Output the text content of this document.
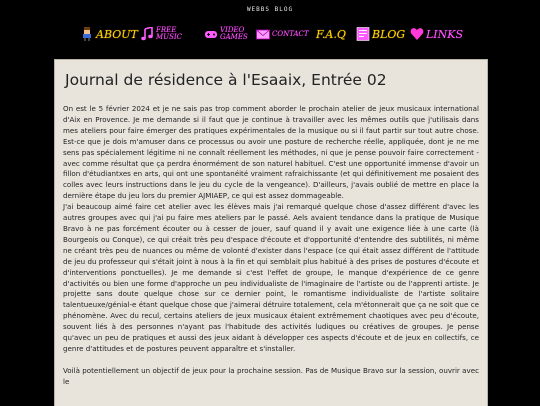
WEBBS BLOG
ABOUT	FREE MUSIC
VIDEO GAMES	CONTACT F.A.Q BLOG LINKS
Journal de résidence à l'Esaaix, Entrée 02

On est le 5 février 2024 et je ne sais pas trop comment aborder le prochain atelier de jeux musicaux international d'Aix en Provence. Je me demande si il faut que je continue à travailler avec les mêmes outils que j'utilisais dans mes ateliers pour faire émerger des pratiques expérimentales de la musique ou si il faut partir sur tout autre chose. Est-ce que je dois m'amuser dans ce processus ou avoir une posture de recherche réelle, appliquée, dont je ne me sens pas spécialement légitime ni ne connaît réellement les méthodes, ni que je pense pouvoir faire correctement - avec comme résultat que ça perdra énormément de son naturel habituel. C'est une opportunité immense d'avoir un fillon d'étudiantxes en arts, qui ont une spontanéité vraiment rafraichissante (et qui définitivement me posaient des colles avec leurs instructions dans le jeu du cycle de la vengeance). D'ailleurs, j'avais oublié de mettre en place la dernière étape du jeu lors du premier AJMIAEP, ce qui est assez dommageable.

J'ai beaucoup aimé faire cet atelier avec les élèves mais j'ai remarqué quelque chose d'assez différent d'avec les autres groupes avec qui j'ai pu faire mes ateliers par le passé. Aels avaient tendance dans la pratique de Musique Bravo à ne pas forcément écouter ou à cesser de jouer, sauf quand il y avait une exigence liée à une carte (là Bourgeois ou Conque), ce qui créait très peu d'espace d'écoute et d'opportunité d'entendre des subtilités, ni même ne créant très peu de nuances ou même de volonté d'exister dans l'espace (ce qui était assez différent de l'attitude de jeu du professeur qui s'était joint à nous à la fin et qui semblait plus habitué à des prises de postures d'écoute et d'interventions ponctuelles). Je me demande si c'est l'effet de groupe, le manque d'expérience de ce genre d'activités ou bien une forme d'approche un peu individualiste de l'imaginaire de l'artiste ou de l'apprenti artiste. Je projette sans doute quelque chose sur ce dernier point, le romantisme individualiste de l'artiste solitaire talentueuxe/génial-e étant quelque chose que j'aimerai détruire totalement, cela m'étonnerait que ça ne soit que ce phénomène. Avec du recul, certains ateliers de jeux musicaux étaient extrêmement chaotiques avec peu d'écoute, souvent liés à des personnes n'ayant pas l'habitude des activités ludiques ou créatives de groupes. Je pense qu'avec un peu de pratiques et aussi des jeux aidant à développer ces aspects d'écoute et de jeux en collectifs, ce genre d'attitudes et de postures peuvent apparaître et s'installer.

Voilà potentiellement un objectif de jeux pour la prochaine session. Pas de Musique Bravo sur la session, ouvrir avec le
